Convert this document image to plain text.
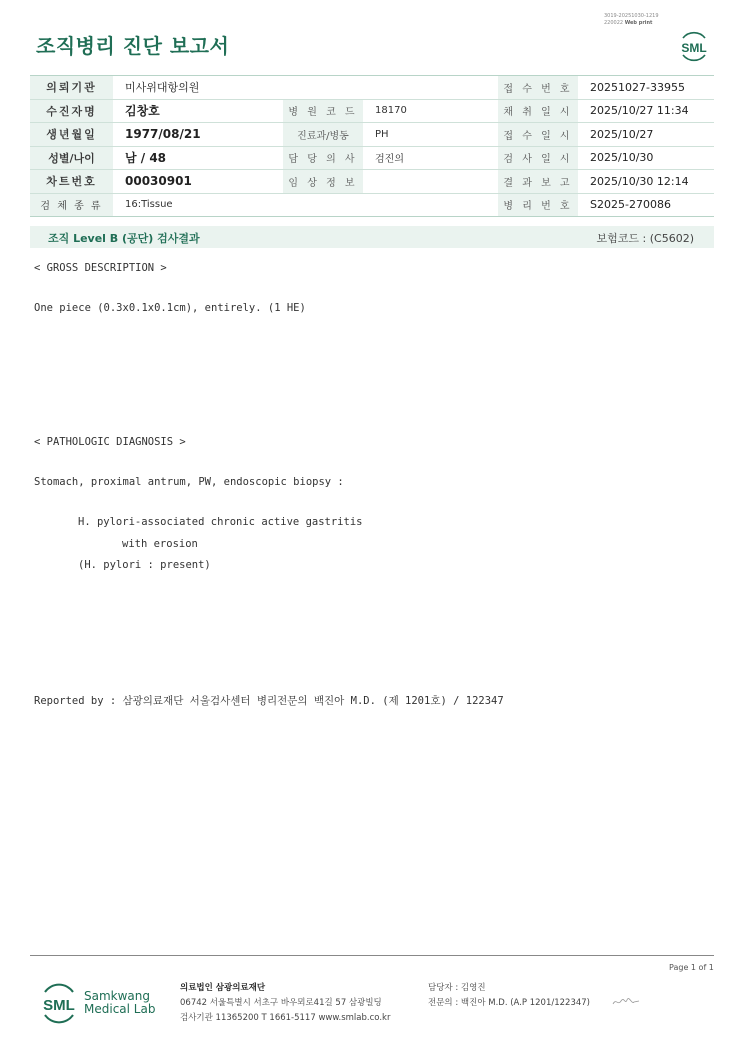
조직병리 진단 보고서
3019-20251030-1219
220022 Web print
SML
의뢰기관	미사위대항의원			접 수 번 호	20251027-33955
수진자명	김창호	병 원 코 드	18170	채 취 일 시	2025/10/27 11:34
생년월일	1977/08/21	진료과/병동	PH	접 수 일 시	2025/10/27
성별/나이	남 / 48	담 당 의 사	검진의	검 사 일 시	2025/10/30
차트번호	00030901	임 상 정 보		결 과 보 고	2025/10/30 12:14
검 체 종 류	16:Tissue			병 리 번 호	S2025-270086
조직 Level B (공단) 검사결과	보험코드 : (C5602)
< GROSS DESCRIPTION >
One piece (0.3x0.1x0.1cm), entirely. (1 HE)
< PATHOLOGIC DIAGNOSIS >
Stomach, proximal antrum, PW, endoscopic biopsy :
H. pylori-associated chronic active gastritis
with erosion
(H. pylori : present)
Reported by : 삼광의료재단 서울검사센터 병리전문의 백진아 M.D. (제 1201호) / 122347
Page 1 of 1
SML
Samkwang
Medical Lab
의료법인 삼광의료재단
06742 서울특별시 서초구 바우뫼로41길 57 삼광빌딩
검사기관 11365200 T 1661-5117 www.smlab.co.kr
담당자 : 김영진
전문의 : 백진아 M.D. (A.P 1201/122347)
